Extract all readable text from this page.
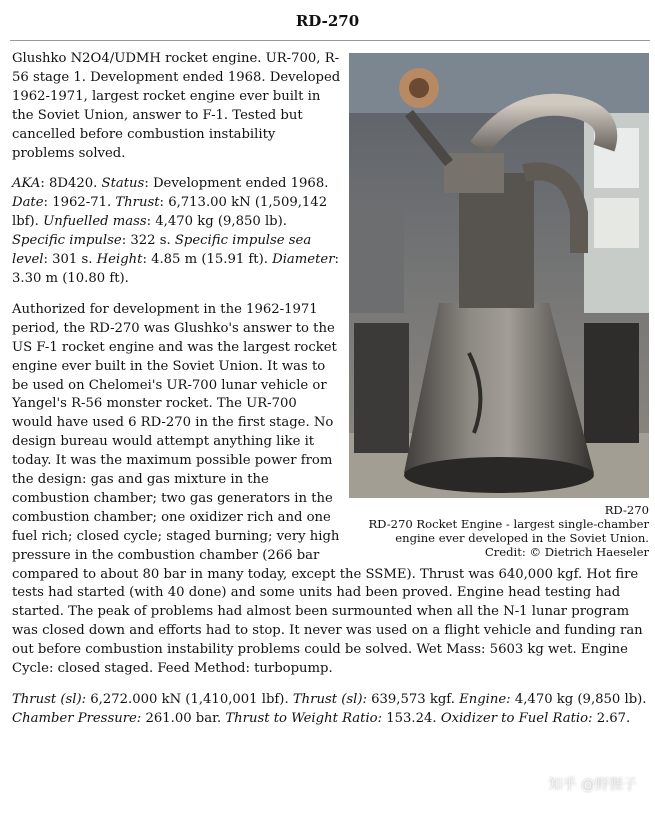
RD-270
RD-270
RD-270 Rocket Engine - largest single-chamber engine ever developed in the Soviet Union.
Credit: © Dietrich Haeseler

Glushko N2O4/UDMH rocket engine. UR-700, R-56 stage 1. Development ended 1968. Developed 1962-1971, largest rocket engine ever built in the Soviet Union, answer to F-1. Tested but cancelled before combustion instability problems solved.

AKA: 8D420. Status: Development ended 1968. Date: 1962-71. Thrust: 6,713.00 kN (1,509,142 lbf). Unfuelled mass: 4,470 kg (9,850 lb). Specific impulse: 322 s. Specific impulse sea level: 301 s. Height: 4.85 m (15.91 ft). Diameter: 3.30 m (10.80 ft).

Authorized for development in the 1962-1971 period, the RD-270 was Glushko's answer to the US F-1 rocket engine and was the largest rocket engine ever built in the Soviet Union. It was to be used on Chelomei's UR-700 lunar vehicle or Yangel's R-56 monster rocket. The UR-700 would have used 6 RD-270 in the first stage. No design bureau would attempt anything like it today. It was the maximum possible power from the design: gas and gas mixture in the combustion chamber; two gas generators in the combustion chamber; one oxidizer rich and one fuel rich; closed cycle; staged burning; very high pressure in the combustion chamber (266 bar compared to about 80 bar in many today, except the SSME). Thrust was 640,000 kgf. Hot fire tests had started (with 40 done) and some units had been proved. Engine head testing had started. The peak of problems had almost been surmounted when all the N-1 lunar program was closed down and efforts had to stop. It never was used on a flight vehicle and funding ran out before combustion instability problems could be solved. Wet Mass: 5603 kg wet. Engine Cycle: closed staged. Feed Method: turbopump.

Thrust (sl): 6,272.000 kN (1,410,001 lbf). Thrust (sl): 639,573 kgf. Engine: 4,470 kg (9,850 lb). Chamber Pressure: 261.00 bar. Thrust to Weight Ratio: 153.24. Oxidizer to Fuel Ratio: 2.67.

知乎 @野狸子
